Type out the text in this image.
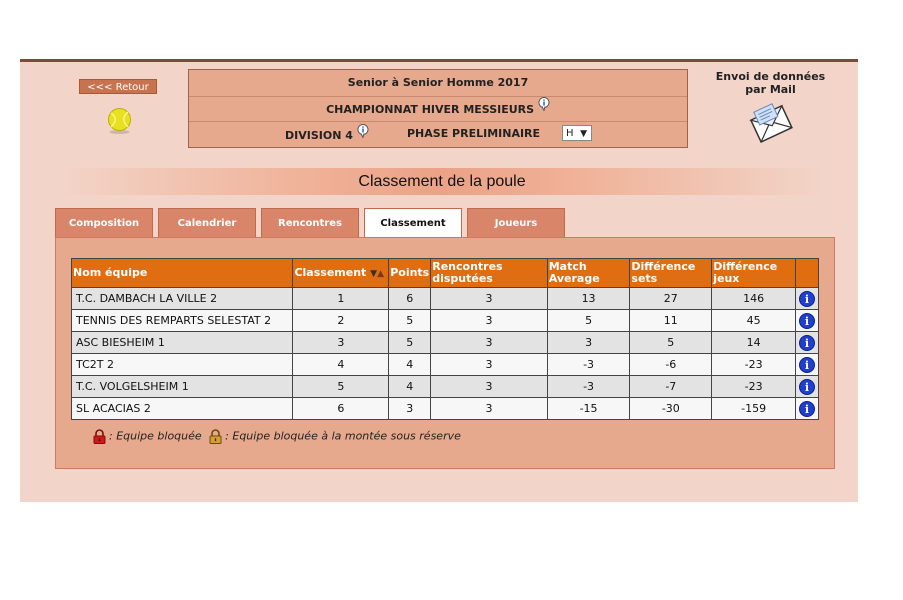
<<< Retour	Senior à Senior Homme 2017
CHAMPIONNAT HIVER MESSIEURS
DIVISION 4	PHASE PRELIMINAIRE	H ▼
Envoi de données
par Mail
Classement de la poule
Composition	Calendrier	Rencontres	Classement	Joueurs
Nom équipe	Classement ▼▲	Points	Rencontres disputées	Match Average	Différence sets	Différence jeux	
T.C. DAMBACH LA VILLE 2	1	6	3	13	27	146	i

TENNIS DES REMPARTS SELESTAT 2	2	5	3	5	11	45	i

ASC BIESHEIM 1	3	5	3	3	5	14	i

TC2T 2	4	4	3	-3	-6	-23	i

T.C. VOLGELSHEIM 1	5	4	3	-3	-7	-23	i

SL ACACIAS 2	6	3	3	-15	-30	-159	i
: Equipe bloquée : Equipe bloquée à la montée sous réserve
